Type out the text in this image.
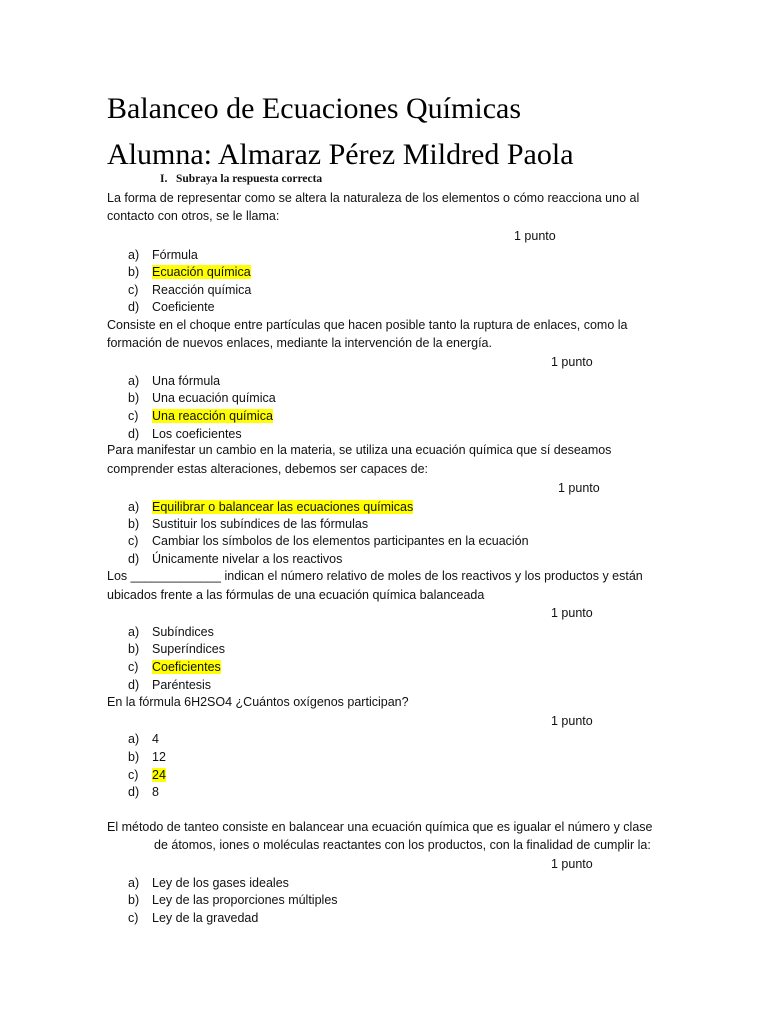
Balanceo de Ecuaciones Químicas
Alumna: Almaraz Pérez Mildred Paola
I. Subraya la respuesta correcta
La forma de representar como se altera la naturaleza de los elementos o cómo reacciona uno al
contacto con otros, se le llama:
1 punto
a) Fórmula
b) Ecuación química
c) Reacción química
d) Coeficiente
Consiste en el choque entre partículas que hacen posible tanto la ruptura de enlaces, como la
formación de nuevos enlaces, mediante la intervención de la energía.
1 punto
a) Una fórmula
b) Una ecuación química
c) Una reacción química
d) Los coeficientes
Para manifestar un cambio en la materia, se utiliza una ecuación química que sí deseamos
comprender estas alteraciones, debemos ser capaces de:
1 punto
a) Equilibrar o balancear las ecuaciones químicas
b) Sustituir los subíndices de las fórmulas
c) Cambiar los símbolos de los elementos participantes en la ecuación
d) Únicamente nivelar a los reactivos
Los _____________ indican el número relativo de moles de los reactivos y los productos y están
ubicados frente a las fórmulas de una ecuación química balanceada
1 punto
a) Subíndices
b) Superíndices
c) Coeficientes
d) Paréntesis
En la fórmula 6H2SO4 ¿Cuántos oxígenos participan?
1 punto
a) 4
b) 12
c) 24
d) 8
El método de tanteo consiste en balancear una ecuación química que es igualar el número y clase
de átomos, iones o moléculas reactantes con los productos, con la finalidad de cumplir la:
1 punto
a) Ley de los gases ideales
b) Ley de las proporciones múltiples
c) Ley de la gravedad
